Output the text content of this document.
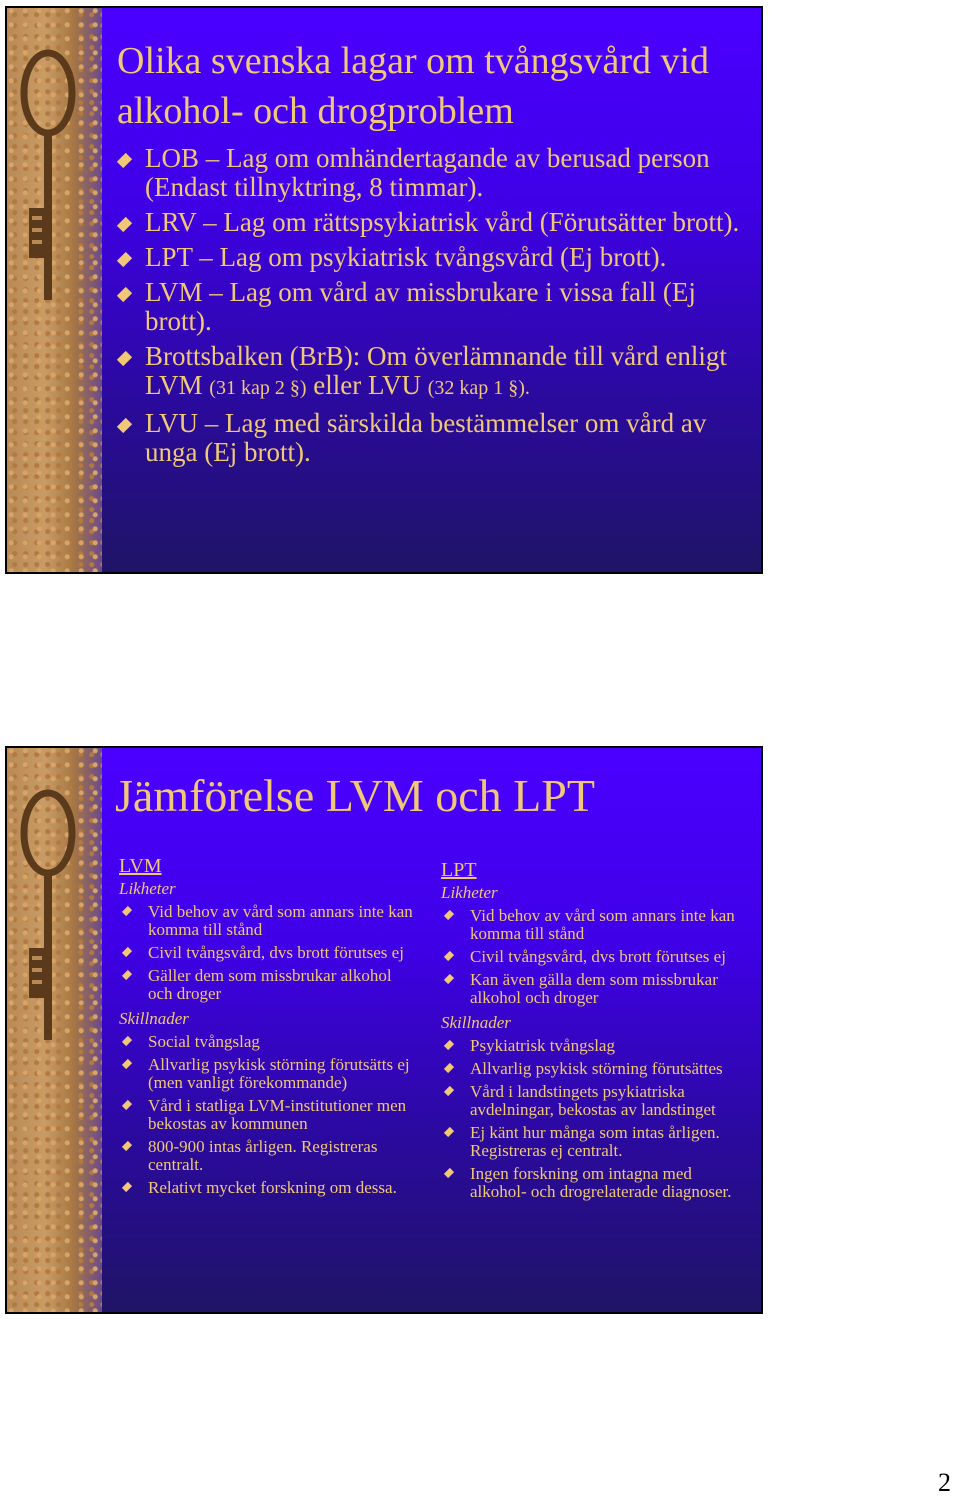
Olika svenska lagar om tvångsvård vid alkohol- och drogproblem
LOB – Lag om omhändertagande av berusad person (Endast tillnyktring, 8 timmar).
LRV – Lag om rättspsykiatrisk vård (Förutsätter brott).
LPT – Lag om psykiatrisk tvångsvård (Ej brott).
LVM – Lag om vård av missbrukare i vissa fall (Ej brott).
Brottsbalken (BrB): Om överlämnande till vård enligt LVM (31 kap 2 §) eller LVU (32 kap 1 §).
LVU – Lag med särskilda bestämmelser om vård av unga (Ej brott).
Jämförelse LVM och LPT
LVM
Likheter
Vid behov av vård som annars inte kan komma till stånd
Civil tvångsvård, dvs brott förutses ej
Gäller dem som missbrukar alkohol och droger
Skillnader
Social tvångslag
Allvarlig psykisk störning förutsätts ej (men vanligt förekommande)
Vård i statliga LVM-institutioner men bekostas av kommunen
800-900 intas årligen. Registreras centralt.
Relativt mycket forskning om dessa.
LPT
Likheter
Vid behov av vård som annars inte kan komma till stånd
Civil tvångsvård, dvs brott förutses ej
Kan även gälla dem som missbrukar alkohol och droger
Skillnader
Psykiatrisk tvångslag
Allvarlig psykisk störning förutsättes
Vård i landstingets psykiatriska avdelningar, bekostas av landstinget
Ej känt hur många som intas årligen. Registreras ej centralt.
Ingen forskning om intagna med alkohol- och drogrelaterade diagnoser.
2
